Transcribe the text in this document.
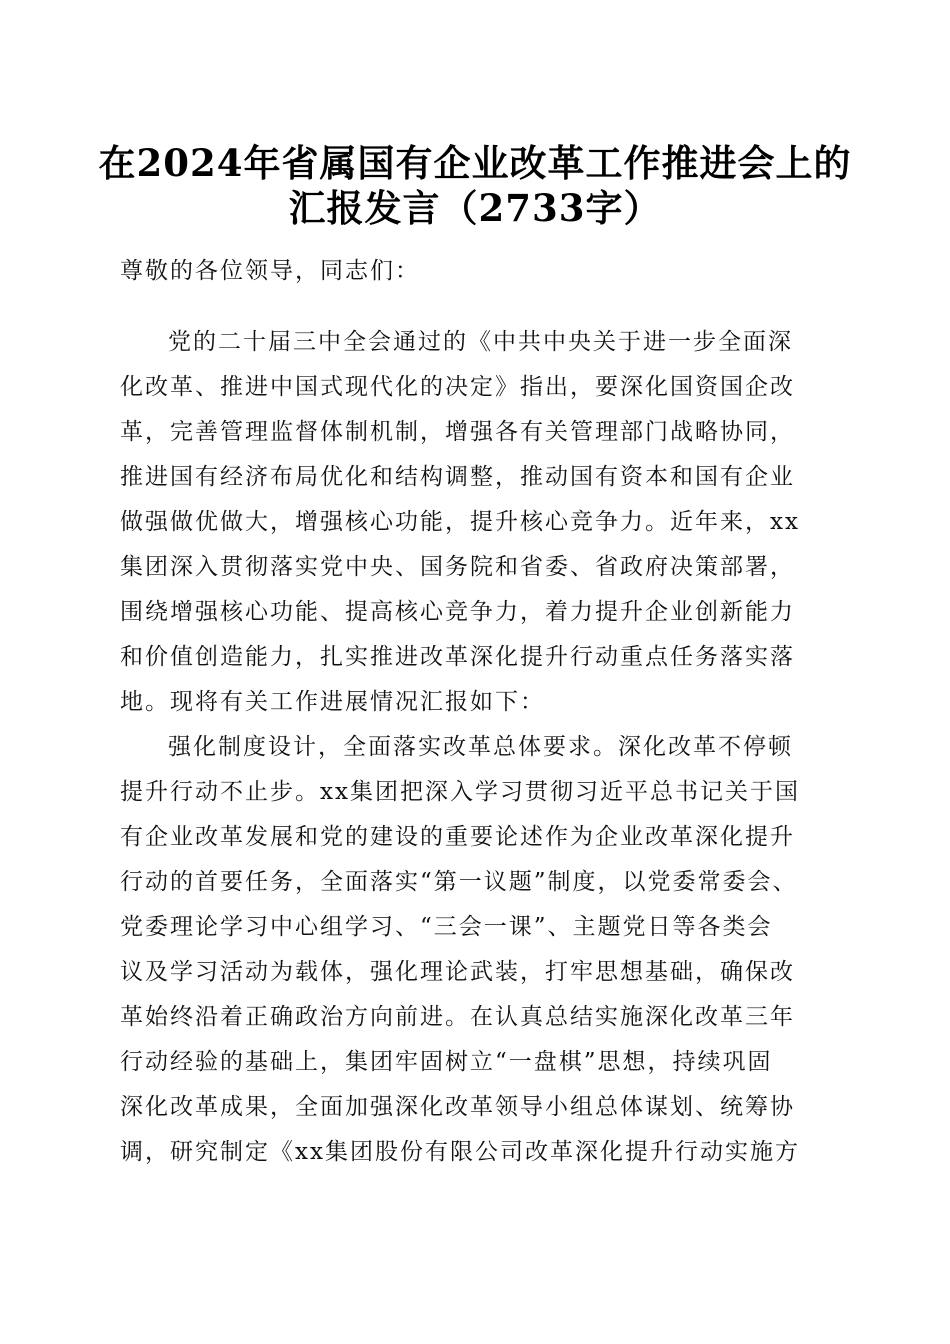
在2024年省属国有企业改革工作推进会上的
汇报发言（2733字）
尊敬的各位领导，同志们：
党的二十届三中全会通过的《中共中央关于进一步全面深
化改革、推进中国式现代化的决定》指出，要深化国资国企改
革，完善管理监督体制机制，增强各有关管理部门战略协同，
推进国有经济布局优化和结构调整，推动国有资本和国有企业
做强做优做大，增强核心功能，提升核心竞争力。近年来，xx
集团深入贯彻落实党中央、国务院和省委、省政府决策部署，
围绕增强核心功能、提高核心竞争力，着力提升企业创新能力
和价值创造能力，扎实推进改革深化提升行动重点任务落实落
地。现将有关工作进展情况汇报如下：
强化制度设计，全面落实改革总体要求。深化改革不停顿
提升行动不止步。xx集团把深入学习贯彻习近平总书记关于国
有企业改革发展和党的建设的重要论述作为企业改革深化提升
行动的首要任务，全面落实“第一议题”制度，以党委常委会、
党委理论学习中心组学习、“三会一课”、主题党日等各类会
议及学习活动为载体，强化理论武装，打牢思想基础，确保改
革始终沿着正确政治方向前进。在认真总结实施深化改革三年
行动经验的基础上，集团牢固树立“一盘棋”思想，持续巩固
深化改革成果，全面加强深化改革领导小组总体谋划、统筹协
调，研究制定《xx集团股份有限公司改革深化提升行动实施方
